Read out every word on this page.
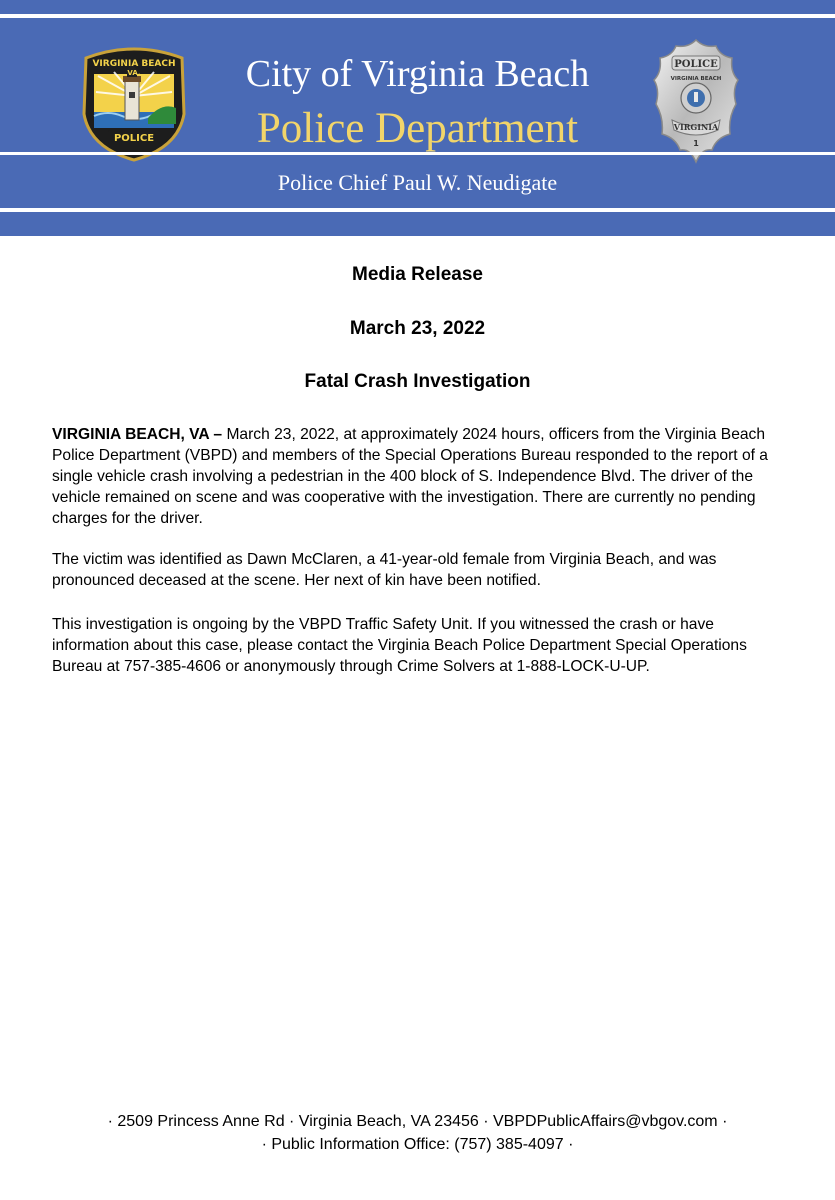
VIRGINIA BEACH
VA.
POLICE
City of Virginia Beach
Police Department
POLICE
VIRGINIA BEACH
VIRGINIA
1
Police Chief Paul W. Neudigate
Media Release
March 23, 2022
Fatal Crash Investigation
VIRGINIA BEACH, VA – March 23, 2022, at approximately 2024 hours, officers from the Virginia Beach Police Department (VBPD) and members of the Special Operations Bureau responded to the report of a single vehicle crash involving a pedestrian in the 400 block of S. Independence Blvd. The driver of the vehicle remained on scene and was cooperative with the investigation. There are currently no pending charges for the driver.
The victim was identified as Dawn McClaren, a 41-year-old female from Virginia Beach, and was pronounced deceased at the scene. Her next of kin have been notified.
This investigation is ongoing by the VBPD Traffic Safety Unit. If you witnessed the crash or have information about this case, please contact the Virginia Beach Police Department Special Operations Bureau at 757-385-4606 or anonymously through Crime Solvers at 1-888-LOCK-U-UP.
· 2509 Princess Anne Rd · Virginia Beach, VA 23456 · VBPDPublicAffairs@vbgov.com ·
· Public Information Office: (757) 385-4097 ·
